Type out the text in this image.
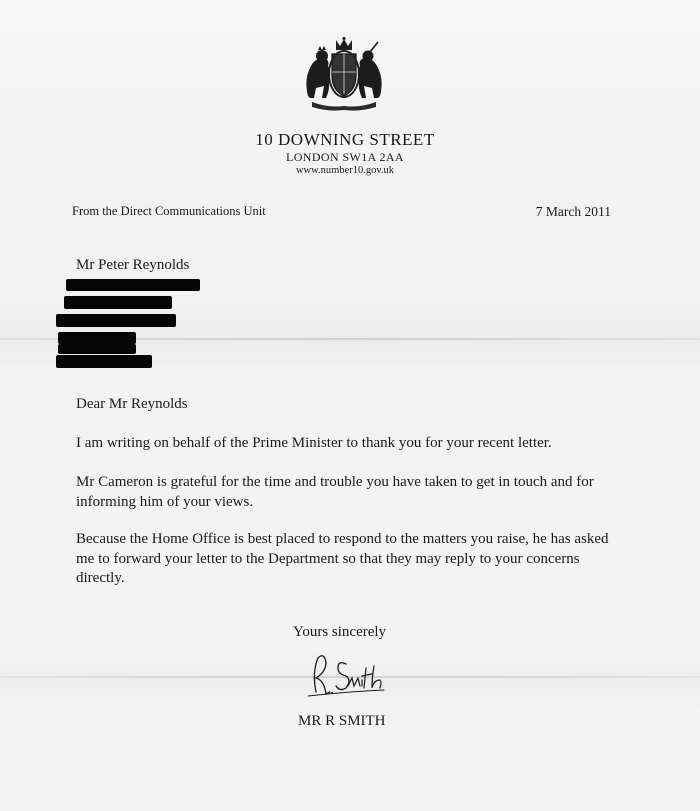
10 DOWNING STREET
LONDON SW1A 2AA
www.number10.gov.uk
From the Direct Communications Unit	7 March 2011
Mr Peter Reynolds
Dear Mr Reynolds

I am writing on behalf of the Prime Minister to thank you for your recent letter.

Mr Cameron is grateful for the time and trouble you have taken to get in touch and for informing him of your views.

Because the Home Office is best placed to respond to the matters you raise, he has asked me to forward your letter to the Department so that they may reply to your concerns directly.

Yours sincerely
MR R SMITH
